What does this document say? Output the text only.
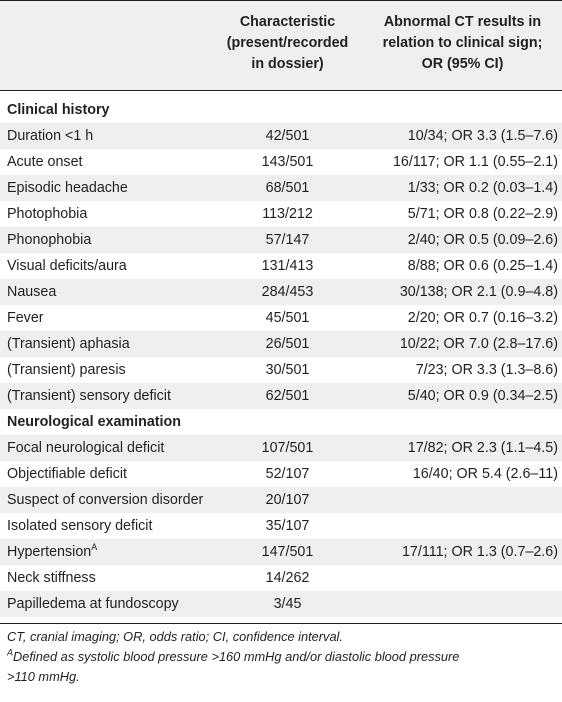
Characteristic
(present/recorded
in dossier)
Abnormal CT results in
relation to clinical sign;
OR (95% CI)
Clinical history
Duration <1 h	42/501	10/34; OR 3.3 (1.5–7.6)
Acute onset	143/501	16/117; OR 1.1 (0.55–2.1)
Episodic headache	68/501	1/33; OR 0.2 (0.03–1.4)
Photophobia	113/212	5/71; OR 0.8 (0.22–2.9)
Phonophobia	57/147	2/40; OR 0.5 (0.09–2.6)
Visual deficits/aura	131/413	8/88; OR 0.6 (0.25–1.4)
Nausea	284/453	30/138; OR 2.1 (0.9–4.8)
Fever	45/501	2/20; OR 0.7 (0.16–3.2)
(Transient) aphasia	26/501	10/22; OR 7.0 (2.8–17.6)
(Transient) paresis	30/501	7/23; OR 3.3 (1.3–8.6)
(Transient) sensory deficit	62/501	5/40; OR 0.9 (0.34–2.5)
Neurological examination
Focal neurological deficit	107/501	17/82; OR 2.3 (1.1–4.5)
Objectifiable deficit	52/107	16/40; OR 5.4 (2.6–11)
Suspect of conversion disorder	20/107
Isolated sensory deficit	35/107
Hypertension$^A$	147/501	17/111; OR 1.3 (0.7–2.6)
Neck stiffness	14/262
Papilledema at fundoscopy	3/45
CT, cranial imaging; OR, odds ratio; CI, confidence interval.
$^A$Defined as systolic blood pressure >160 mmHg and/or diastolic blood pressure
>110 mmHg.
